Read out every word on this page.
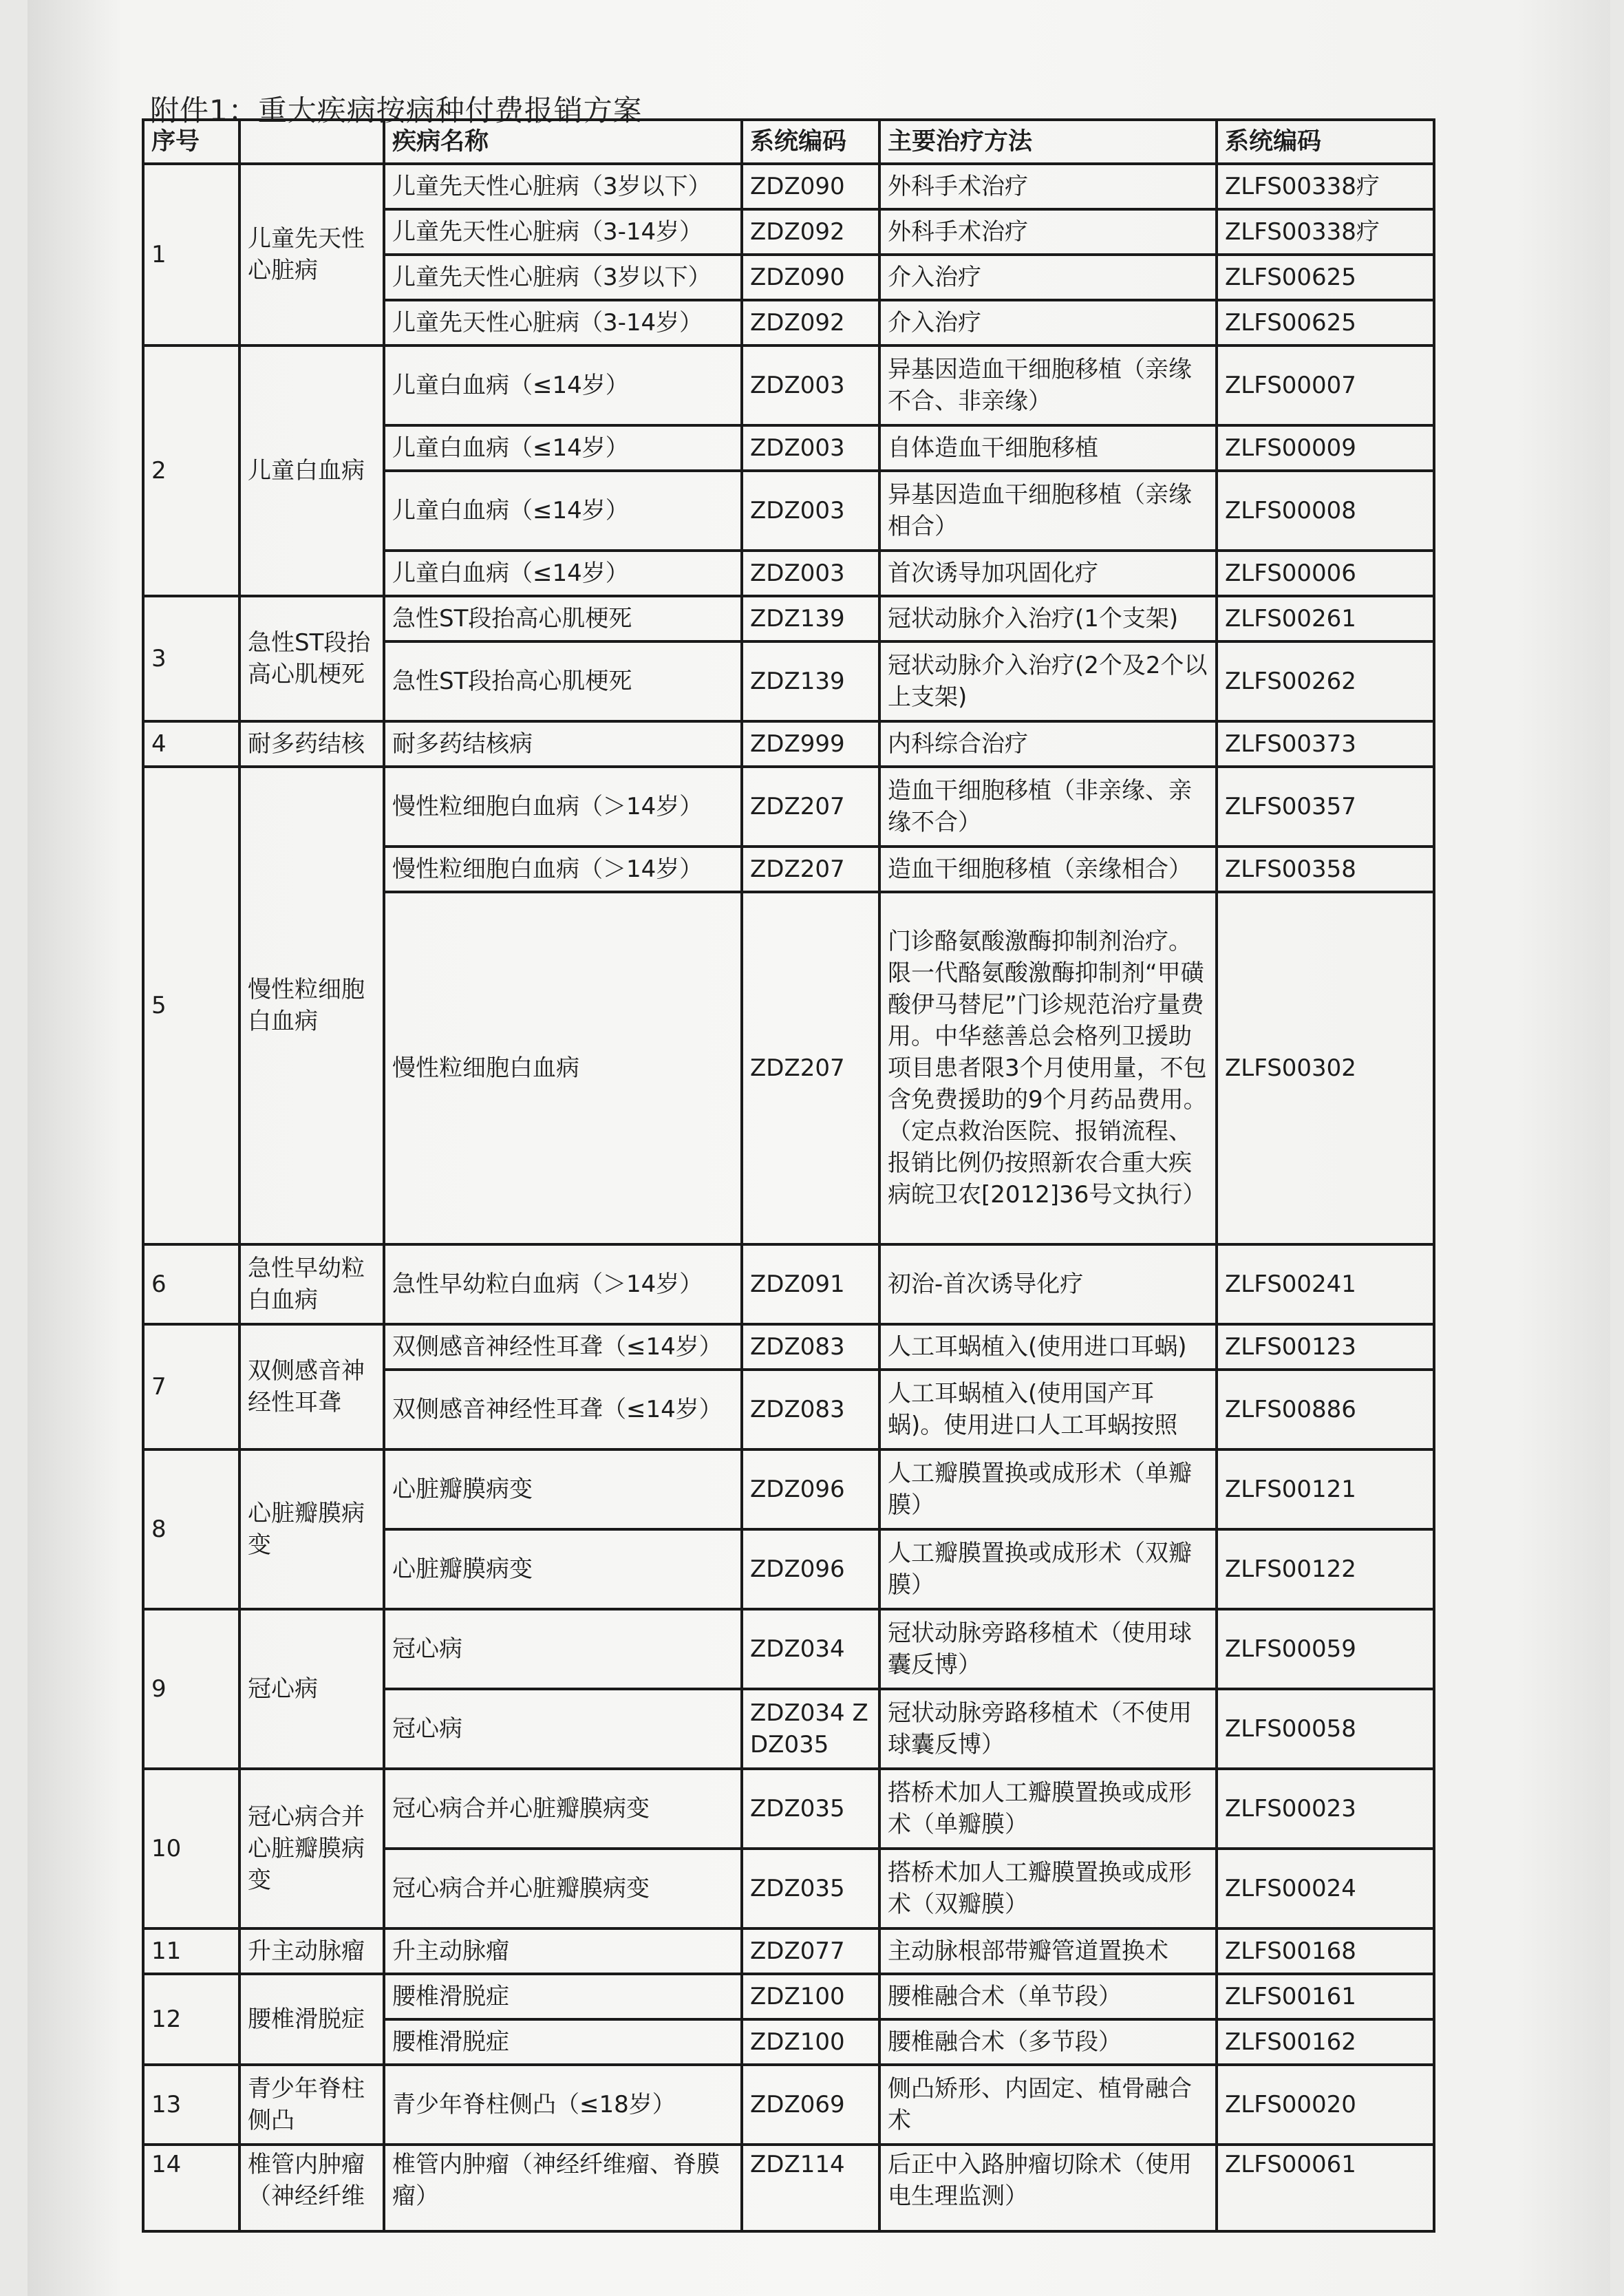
附件1：重大疾病按病种付费报销方案
序号		疾病名称	系统编码	主要治疗方法	系统编码
1	儿童先天性心脏病	儿童先天性心脏病（3岁以下）	ZDZ090	外科手术治疗	ZLFS00338疗
		儿童先天性心脏病（3-14岁）	ZDZ092	外科手术治疗	ZLFS00338疗
		儿童先天性心脏病（3岁以下）	ZDZ090	介入治疗	ZLFS00625
		儿童先天性心脏病（3-14岁）	ZDZ092	介入治疗	ZLFS00625
2	儿童白血病	儿童白血病（≤14岁）	ZDZ003	异基因造血干细胞移植（亲缘不合、非亲缘）	ZLFS00007
		儿童白血病（≤14岁）	ZDZ003	自体造血干细胞移植	ZLFS00009
		儿童白血病（≤14岁）	ZDZ003	异基因造血干细胞移植（亲缘相合）	ZLFS00008
		儿童白血病（≤14岁）	ZDZ003	首次诱导加巩固化疗	ZLFS00006
3	急性ST段抬高心肌梗死	急性ST段抬高心肌梗死	ZDZ139	冠状动脉介入治疗(1个支架)	ZLFS00261
		急性ST段抬高心肌梗死	ZDZ139	冠状动脉介入治疗(2个及2个以上支架)	ZLFS00262
4	耐多药结核	耐多药结核病	ZDZ999	内科综合治疗	ZLFS00373
5	慢性粒细胞白血病	慢性粒细胞白血病（＞14岁）	ZDZ207	造血干细胞移植（非亲缘、亲缘不合）	ZLFS00357
		慢性粒细胞白血病（＞14岁）	ZDZ207	造血干细胞移植（亲缘相合）	ZLFS00358
		慢性粒细胞白血病	ZDZ207	门诊酪氨酸激酶抑制剂治疗。限一代酪氨酸激酶抑制剂“甲磺酸伊马替尼”门诊规范治疗量费用。中华慈善总会格列卫援助项目患者限3个月使用量，不包含免费援助的9个月药品费用。（定点救治医院、报销流程、报销比例仍按照新农合重大疾病皖卫农[2012]36号文执行）	ZLFS00302
6	急性早幼粒白血病	急性早幼粒白血病（＞14岁）	ZDZ091	初治-首次诱导化疗	ZLFS00241
7	双侧感音神经性耳聋	双侧感音神经性耳聋（≤14岁）	ZDZ083	人工耳蜗植入(使用进口耳蜗)	ZLFS00123
		双侧感音神经性耳聋（≤14岁）	ZDZ083	人工耳蜗植入(使用国产耳蜗)。使用进口人工耳蜗按照	ZLFS00886
8	心脏瓣膜病变	心脏瓣膜病变	ZDZ096	人工瓣膜置换或成形术（单瓣膜）	ZLFS00121
		心脏瓣膜病变	ZDZ096	人工瓣膜置换或成形术（双瓣膜）	ZLFS00122
9	冠心病	冠心病	ZDZ034	冠状动脉旁路移植术（使用球囊反博）	ZLFS00059
		冠心病	ZDZ034 ZDZ035	冠状动脉旁路移植术（不使用球囊反博）	ZLFS00058
10	冠心病合并心脏瓣膜病变	冠心病合并心脏瓣膜病变	ZDZ035	搭桥术加人工瓣膜置换或成形术（单瓣膜）	ZLFS00023
		冠心病合并心脏瓣膜病变	ZDZ035	搭桥术加人工瓣膜置换或成形术（双瓣膜）	ZLFS00024
11	升主动脉瘤	升主动脉瘤	ZDZ077	主动脉根部带瓣管道置换术	ZLFS00168
12	腰椎滑脱症	腰椎滑脱症	ZDZ100	腰椎融合术（单节段）	ZLFS00161
		腰椎滑脱症	ZDZ100	腰椎融合术（多节段）	ZLFS00162
13	青少年脊柱侧凸	青少年脊柱侧凸（≤18岁）	ZDZ069	侧凸矫形、内固定、植骨融合术	ZLFS00020
14	椎管内肿瘤（神经纤维	椎管内肿瘤（神经纤维瘤、脊膜瘤）	ZDZ114	后正中入路肿瘤切除术（使用电生理监测）	ZLFS00061
